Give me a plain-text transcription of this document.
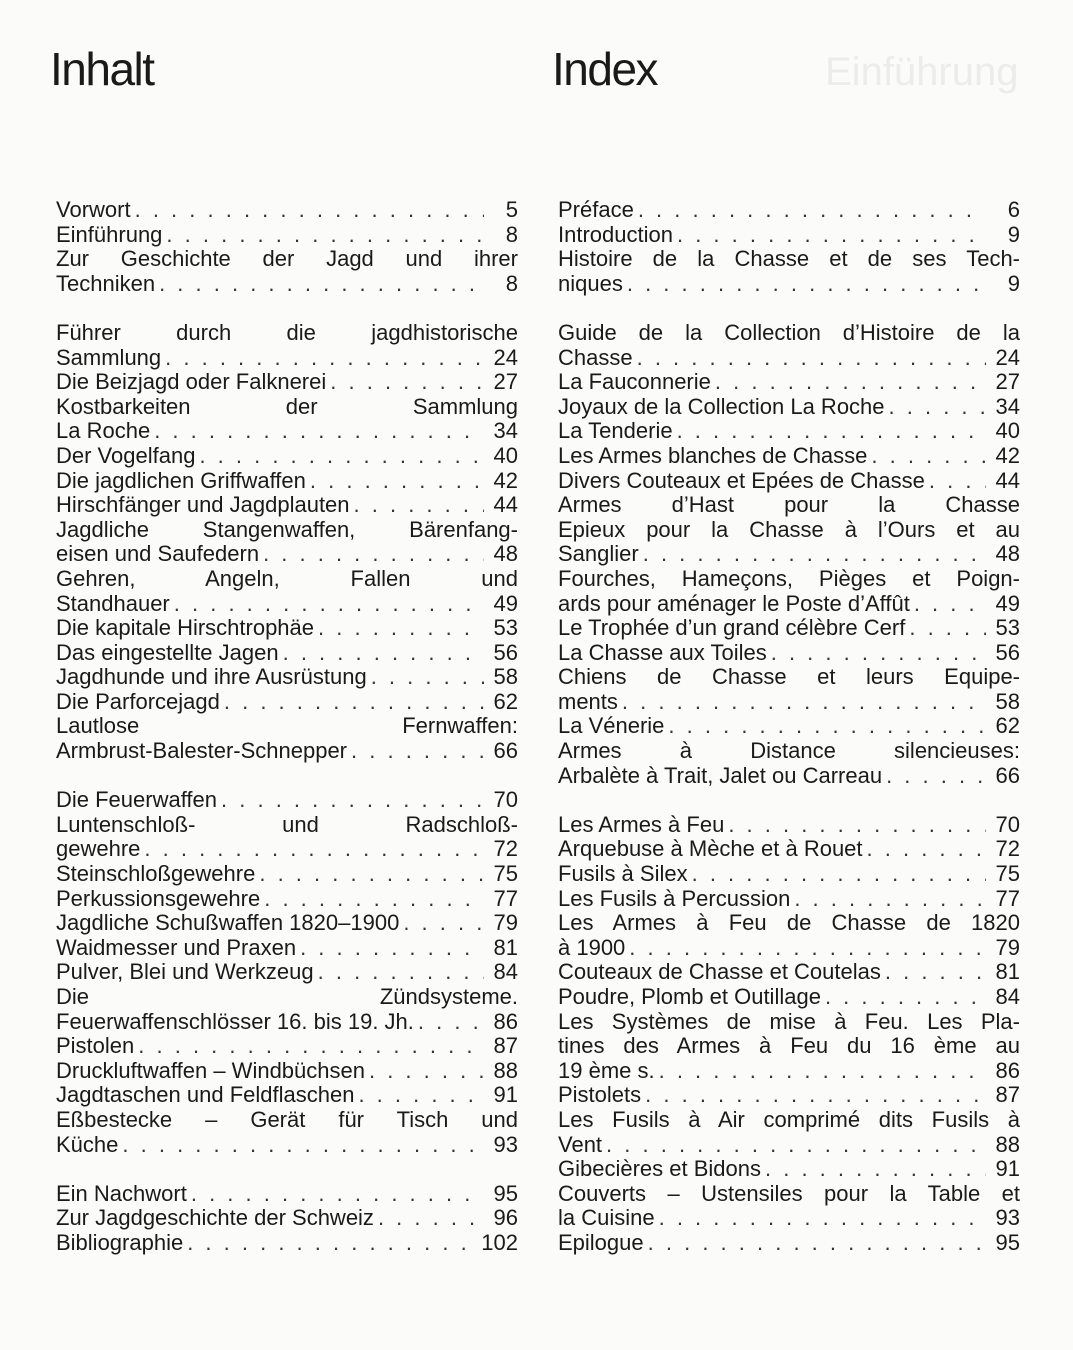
Einführung
Inhalt
Vorwort . . .	5
Einführung . . .	8
Zur Geschichte der Jagd und ihrer
Techniken . . .	8
Führer durch die jagdhistorische
Sammlung . . .	24
Die Beizjagd oder Falknerei . . .	27
Kostbarkeiten der Sammlung
La Roche . . .	34
Der Vogelfang . . .	40
Die jagdlichen Griffwaffen . . .	42
Hirschfänger und Jagdplauten . . .	44
Jagdliche Stangenwaffen, Bärenfang-
eisen und Saufedern . . .	48
Gehren, Angeln, Fallen und
Standhauer . . .	49
Die kapitale Hirschtrophäe . . .	53
Das eingestellte Jagen . . .	56
Jagdhunde und ihre Ausrüstung . . .	58
Die Parforcejagd . . .	62
Lautlose Fernwaffen:
Armbrust-Balester-Schnepper . . .	66
Die Feuerwaffen . . .	70
Luntenschloß- und Radschloß-
gewehre . . .	72
Steinschloßgewehre . . .	75
Perkussionsgewehre . . .	77
Jagdliche Schußwaffen 1820–1900 . . .	79
Waidmesser und Praxen . . .	81
Pulver, Blei und Werkzeug . . .	84
Die Zündsysteme.
Feuerwaffenschlösser 16. bis 19. Jh. . . .	86
Pistolen . . .	87
Druckluftwaffen – Windbüchsen . . .	88
Jagdtaschen und Feldflaschen . . .	91
Eßbestecke – Gerät für Tisch und
Küche . . .	93
Ein Nachwort . . .	95
Zur Jagdgeschichte der Schweiz . . .	96
Bibliographie . . .	102
Index
Préface . . .	6
Introduction . . .	9
Histoire de la Chasse et de ses Tech-
niques . . .	9
Guide de la Collection d’Histoire de la
Chasse . . .	24
La Fauconnerie . . .	27
Joyaux de la Collection La Roche . . .	34
La Tenderie . . .	40
Les Armes blanches de Chasse . . .	42
Divers Couteaux et Epées de Chasse . . .	44
Armes d’Hast pour la Chasse
Epieux pour la Chasse à l’Ours et au
Sanglier . . .	48
Fourches, Hameçons, Pièges et Poign-
ards pour aménager le Poste d’Affût . . .	49
Le Trophée d’un grand célèbre Cerf . . .	53
La Chasse aux Toiles . . .	56
Chiens de Chasse et leurs Equipe-
ments . . .	58
La Vénerie . . .	62
Armes à Distance silencieuses:
Arbalète à Trait, Jalet ou Carreau . . .	66
Les Armes à Feu . . .	70
Arquebuse à Mèche et à Rouet . . .	72
Fusils à Silex . . .	75
Les Fusils à Percussion . . .	77
Les Armes à Feu de Chasse de 1820
à 1900 . . .	79
Couteaux de Chasse et Coutelas . . .	81
Poudre, Plomb et Outillage . . .	84
Les Systèmes de mise à Feu. Les Pla-
tines des Armes à Feu du 16 ème au
19 ème s. . . .	86
Pistolets . . .	87
Les Fusils à Air comprimé dits Fusils à
Vent . . .	88
Gibecières et Bidons . . .	91
Couverts – Ustensiles pour la Table et
la Cuisine . . .	93
Epilogue . . .	95
